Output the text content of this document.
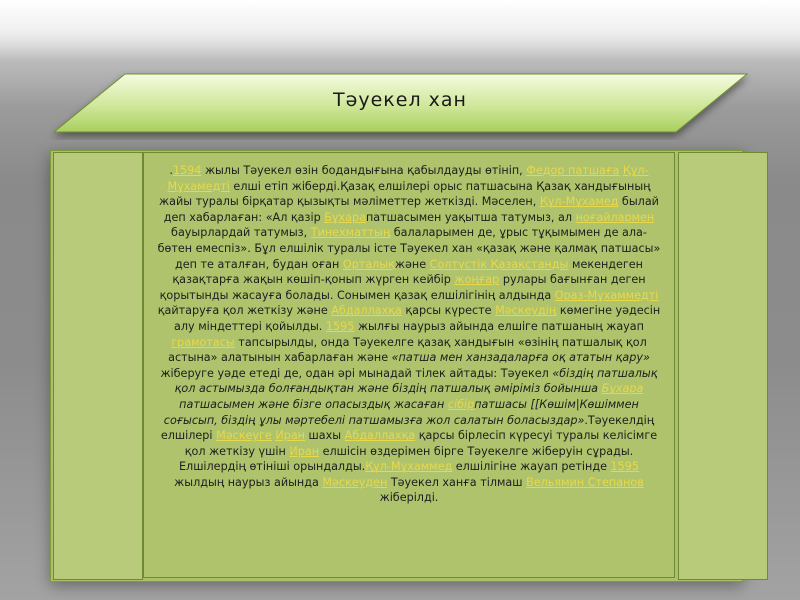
Тәуекел хан

.1594 жылы Тәуекел өзін бодандығына қабылдауды өтініп, Федор патшаға Құл-Мұхамедті елші етіп жіберді.Қазақ елшілері орыс патшасына Қазақ хандығының жайы туралы бірқатар қызықты мәліметтер жеткізді. Мәселен, Құл-Мұхамед былай деп хабарлаған: «Ал қазір Бұхарапатшасымен уақытша татумыз, ал ноғайлармен бауырлардай татумыз, Тинехматтың балаларымен де, ұрыс тұқымымен де ала-бөтен емеспіз». Бұл елшілік туралы істе Тәуекел хан «қазақ және қалмақ патшасы» деп те аталған, будан оған Орталықжәне Солтүстік Қазақстанды мекендеген қазақтарға жақын көшіп-қонып жүрген кейбір жоңғар рулары бағынған деген қорытынды жасауға болады. Сонымен қазақ елшілігінің алдында Ораз-Мұхаммедті қайтаруға қол жеткізу және Абдаллахқа қарсы күресте Мәскеудің көмегіне уәдесін алу міндеттері қойылды. 1595 жылғы наурыз айында елшіге патшаның жауап грамотасы тапсырылды, онда Тәуекелге қазақ хандығын «өзінің патшалық қол астына» алатынын хабарлаған және «патша мен ханзадаларға оқ ататын қару» жіберуге уәде етеді де, одан әрі мынадай тілек айтады: Тәуекел «біздің патшалық қол астымызда болғандықтан және біздің патшалық әміріміз бойынша Бұхара патшасымен және бізге опасыздық жасаған сібірпатшасы [[Көшім|Көшіммен соғысып, біздің ұлы мәртебелі патшамызға жол салатын боласыздар».Тәуекелдің елшілері Мәскеуге Иран шахы Абдаллахқа қарсы бірлесіп күресуі туралы келісімге қол жеткізу үшін Иран елшісін өздерімен бірге Тәуекелге жіберуін сұрады. Елшілердің өтініші орындалды.Құл-Мұхаммед елшілігіне жауап ретінде 1595 жылдың наурыз айында Мәскеуден Тәуекел ханға тілмаш Вельямин Степанов жіберілді.
